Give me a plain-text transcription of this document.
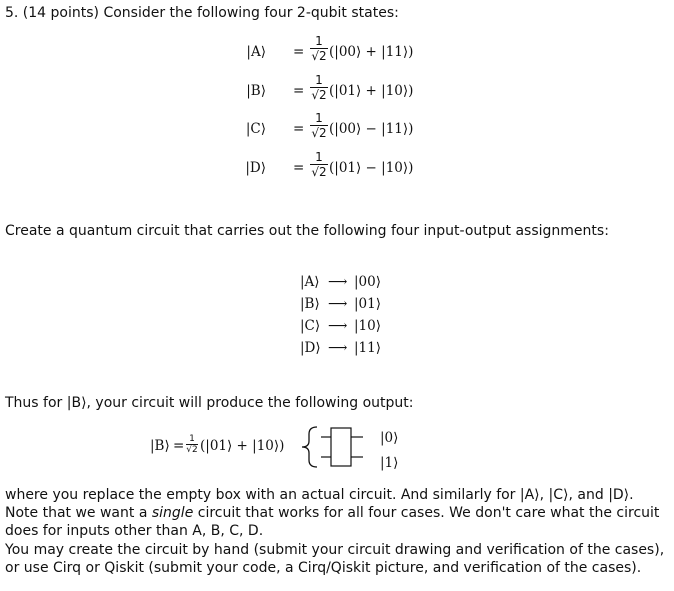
5. (14 points) Consider the following four 2-qubit states:
|A⟩ =
1
√2 (|00⟩ + |11⟩)
|B⟩ =
1
√2 (|01⟩ + |10⟩)
|C⟩ =
1
√2 (|00⟩ − |11⟩)
|D⟩ =
1
√2 (|01⟩ − |10⟩)
Create a quantum circuit that carries out the following four input-output assignments:
|A⟩ ⟶ |00⟩
|B⟩ ⟶ |01⟩
|C⟩ ⟶ |10⟩
|D⟩ ⟶ |11⟩
Thus for |B⟩, your circuit will produce the following output:
|B⟩ = $\frac{1}{√2}$ (|01⟩ + |10⟩)	|0⟩
|1⟩
where you replace the empty box with an actual circuit. And similarly for |A⟩, |C⟩, and |D⟩. Note that we want a single circuit that works for all four cases. We don't care what the circuit does for inputs other than A, B, C, D.
You may create the circuit by hand (submit your circuit drawing and verification of the cases), or use Cirq or Qiskit (submit your code, a Cirq/Qiskit picture, and verification of the cases).
